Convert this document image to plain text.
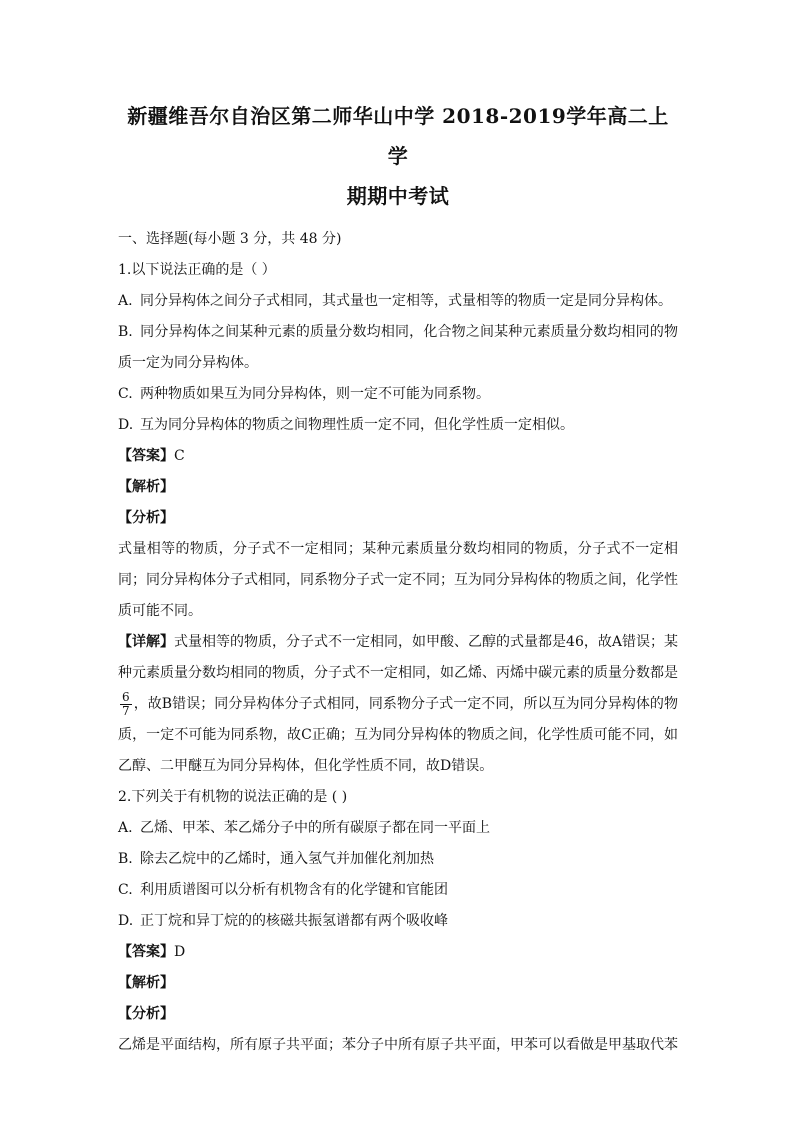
新疆维吾尔自治区第二师华山中学 2018-2019学年高二上学

期期中考试

一、选择题(每小题 3 分，共 48 分)

1.以下说法正确的是（ ）

A. 同分异构体之间分子式相同，其式量也一定相等，式量相等的物质一定是同分异构体。

B. 同分异构体之间某种元素的质量分数均相同，化合物之间某种元素质量分数均相同的物质一定为同分异构体。

C. 两种物质如果互为同分异构体，则一定不可能为同系物。

D. 互为同分异构体的物质之间物理性质一定不同，但化学性质一定相似。

【答案】C

【解析】

【分析】

式量相等的物质，分子式不一定相同；某种元素质量分数均相同的物质，分子式不一定相同；同分异构体分子式相同，同系物分子式一定不同；互为同分异构体的物质之间，化学性质可能不同。

【详解】式量相等的物质，分子式不一定相同，如甲酸、乙醇的式量都是46，故A错误；某种元素质量分数均相同的物质，分子式不一定相同，如乙烯、丙烯中碳元素的质量分数都是
$\frac{6}{7}$ ，故B错误；同分异构体分子式相同，同系物分子式一定不同，所以互为同分异构体的物质，一定不可能为同系物，故C正确；互为同分异构体的物质之间，化学性质可能不同，如乙醇、二甲醚互为同分异构体，但化学性质不同，故D错误。

2.下列关于有机物的说法正确的是 ( )

A. 乙烯、甲苯、苯乙烯分子中的所有碳原子都在同一平面上

B. 除去乙烷中的乙烯时，通入氢气并加催化剂加热

C. 利用质谱图可以分析有机物含有的化学键和官能团

D. 正丁烷和异丁烷的的核磁共振氢谱都有两个吸收峰

【答案】D

【解析】

【分析】

乙烯是平面结构，所有原子共平面；苯分子中所有原子共平面，甲苯可以看做是甲基取代苯
